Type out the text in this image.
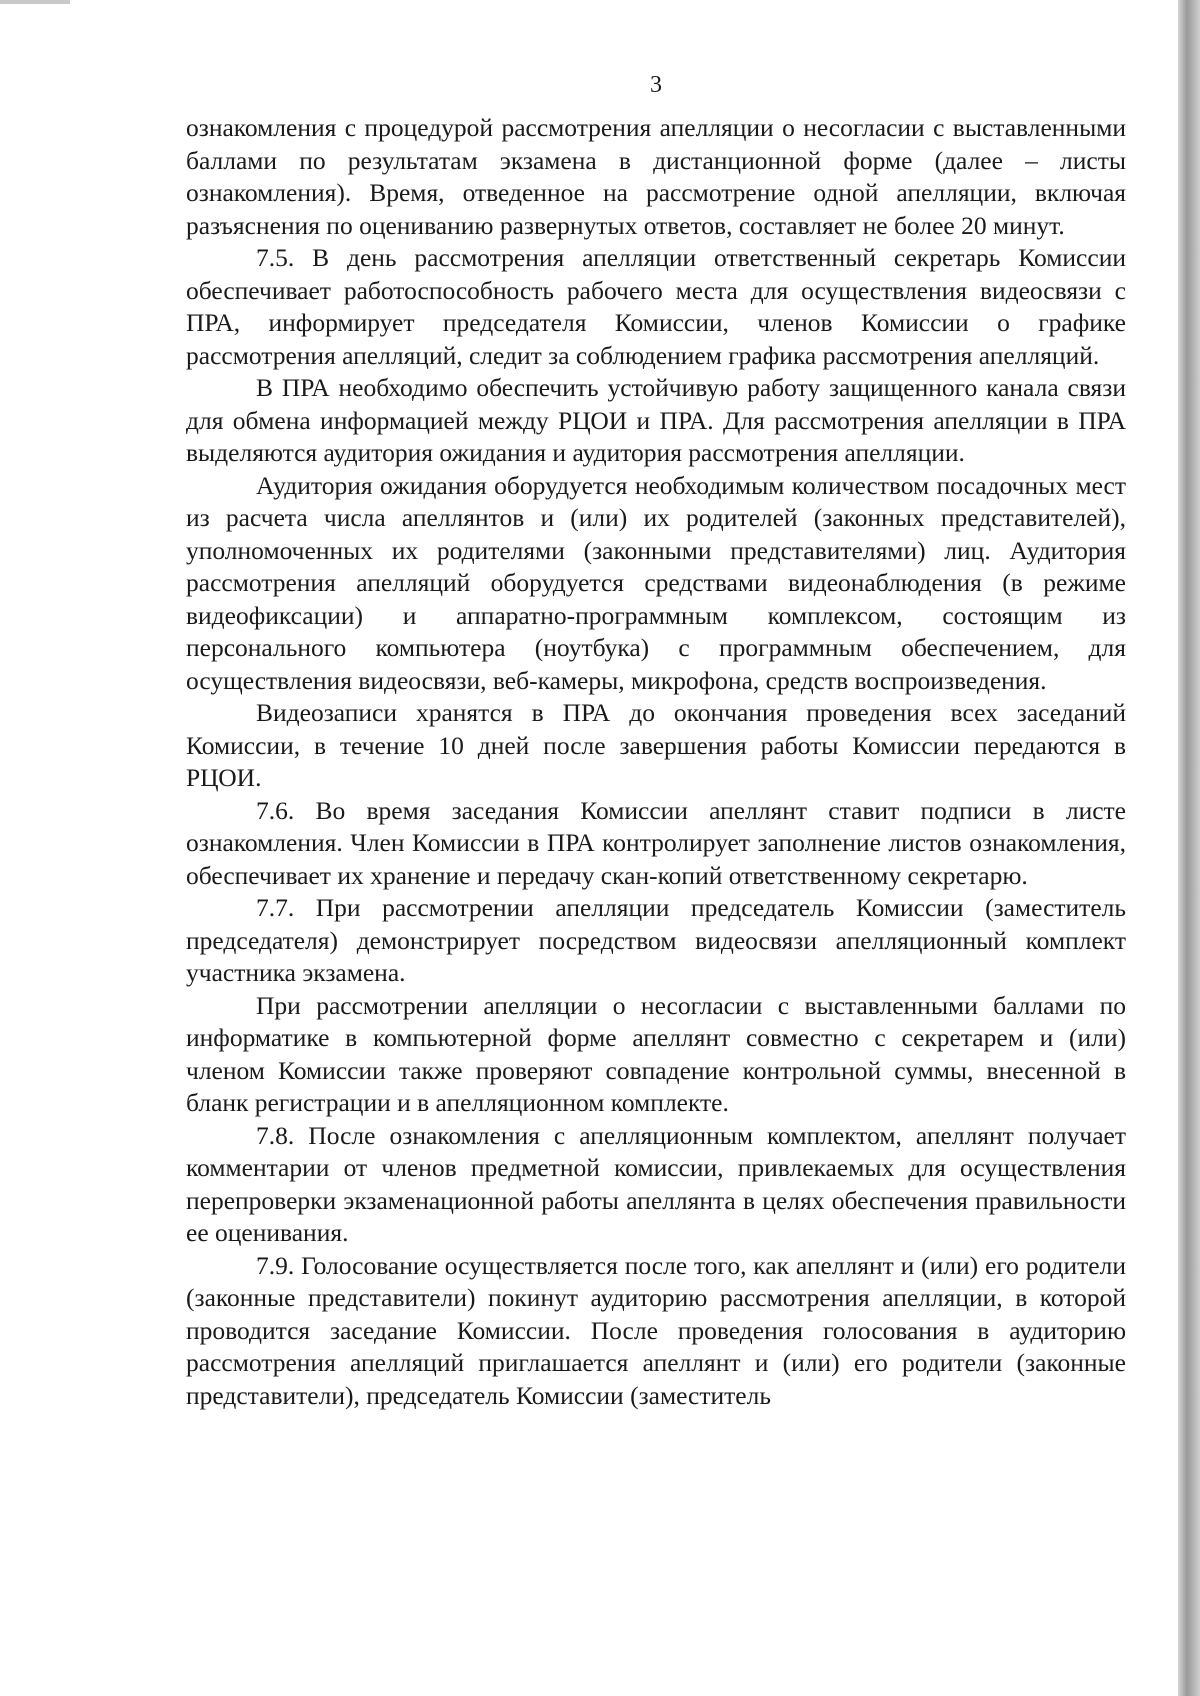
3

ознакомления с процедурой рассмотрения апелляции о несогласии с выставленными баллами по результатам экзамена в дистанционной форме (далее – листы ознакомления). Время, отведенное на рассмотрение одной апелляции, включая разъяснения по оцениванию развернутых ответов, составляет не более 20 минут.

7.5. В день рассмотрения апелляции ответственный секретарь Комиссии обеспечивает работоспособность рабочего места для осуществления видеосвязи с ПРА, информирует председателя Комиссии, членов Комиссии о графике рассмотрения апелляций, следит за соблюдением графика рассмотрения апелляций.

В ПРА необходимо обеспечить устойчивую работу защищенного канала связи для обмена информацией между РЦОИ и ПРА. Для рассмотрения апелляции в ПРА выделяются аудитория ожидания и аудитория рассмотрения апелляции.

Аудитория ожидания оборудуется необходимым количеством посадочных мест из расчета числа апеллянтов и (или) их родителей (законных представителей), уполномоченных их родителями (законными представителями) лиц. Аудитория рассмотрения апелляций оборудуется средствами видеонаблюдения (в режиме видеофиксации) и аппаратно-программным комплексом, состоящим из персонального компьютера (ноутбука) с программным обеспечением, для осуществления видеосвязи, веб-камеры, микрофона, средств воспроизведения.

Видеозаписи хранятся в ПРА до окончания проведения всех заседаний Комиссии, в течение 10 дней после завершения работы Комиссии передаются в РЦОИ.

7.6. Во время заседания Комиссии апеллянт ставит подписи в листе ознакомления. Член Комиссии в ПРА контролирует заполнение листов ознакомления, обеспечивает их хранение и передачу скан-копий ответственному секретарю.

7.7. При рассмотрении апелляции председатель Комиссии (заместитель председателя) демонстрирует посредством видеосвязи апелляционный комплект участника экзамена.

При рассмотрении апелляции о несогласии с выставленными баллами по информатике в компьютерной форме апеллянт совместно с секретарем и (или) членом Комиссии также проверяют совпадение контрольной суммы, внесенной в бланк регистрации и в апелляционном комплекте.

7.8. После ознакомления с апелляционным комплектом, апеллянт получает комментарии от членов предметной комиссии, привлекаемых для осуществления перепроверки экзаменационной работы апеллянта в целях обеспечения правильности ее оценивания.

7.9. Голосование осуществляется после того, как апеллянт и (или) его родители (законные представители) покинут аудиторию рассмотрения апелляции, в которой проводится заседание Комиссии. После проведения голосования в аудиторию рассмотрения апелляций приглашается апеллянт и (или) его родители (законные представители), председатель Комиссии (заместитель
